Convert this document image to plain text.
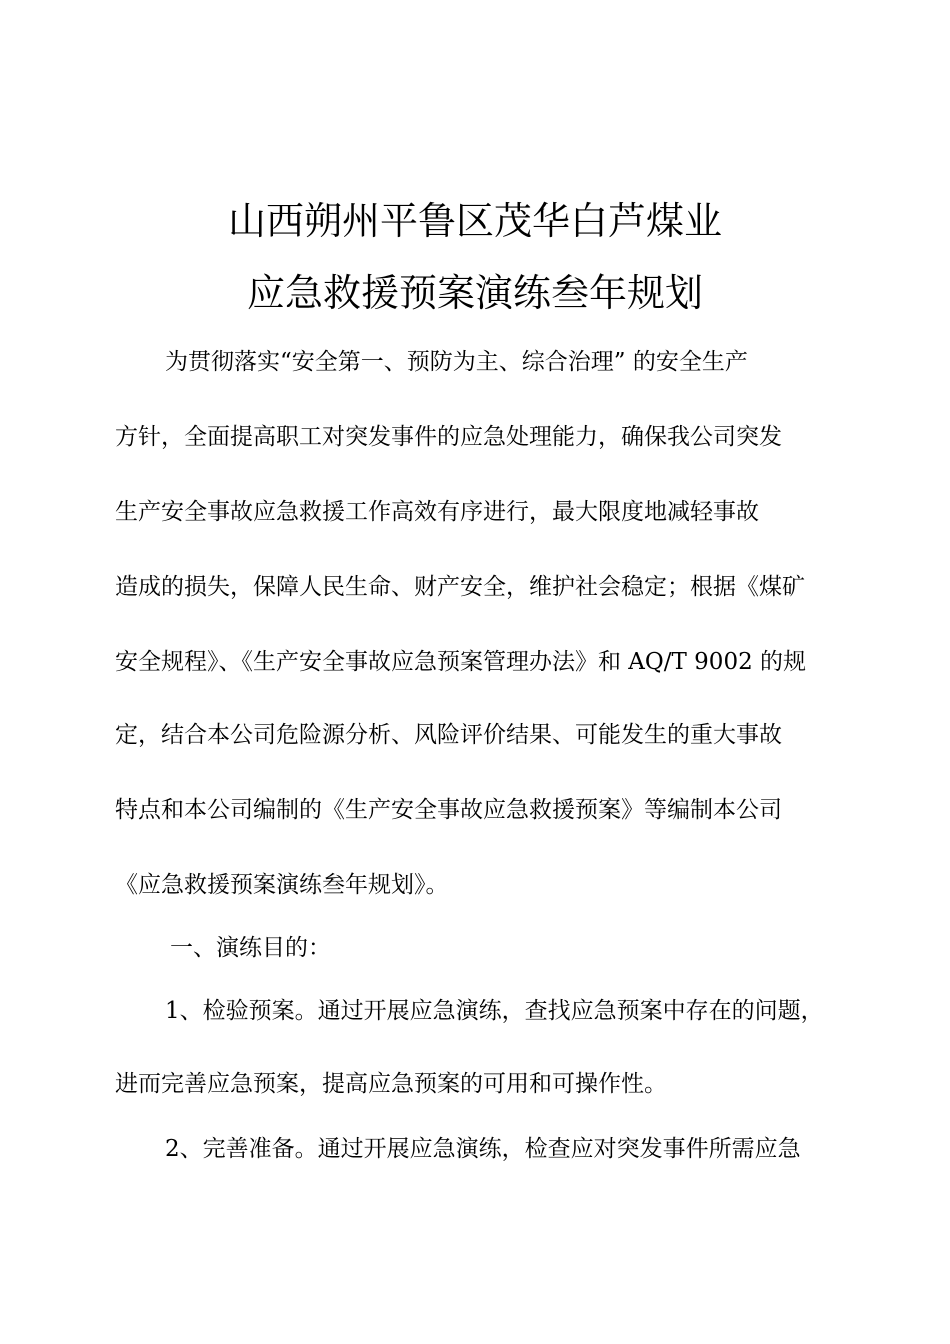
山西朔州平鲁区茂华白芦煤业
应急救援预案演练叁年规划
为贯彻落实“安全第一、预防为主、综合治理” 的安全生产
方针，全面提高职工对突发事件的应急处理能力，确保我公司突发
生产安全事故应急救援工作高效有序进行，最大限度地减轻事故
造成的损失，保障人民生命、财产安全，维护社会稳定；根据《煤矿
安全规程》、《生产安全事故应急预案管理办法》和 AQ/T 9002 的规
定，结合本公司危险源分析、风险评价结果、可能发生的重大事故
特点和本公司编制的《生产安全事故应急救援预案》等编制本公司
《应急救援预案演练叁年规划》。
一、演练目的：
1、检验预案。通过开展应急演练，查找应急预案中存在的问题，
进而完善应急预案，提高应急预案的可用和可操作性。
2、完善准备。通过开展应急演练，检查应对突发事件所需应急
